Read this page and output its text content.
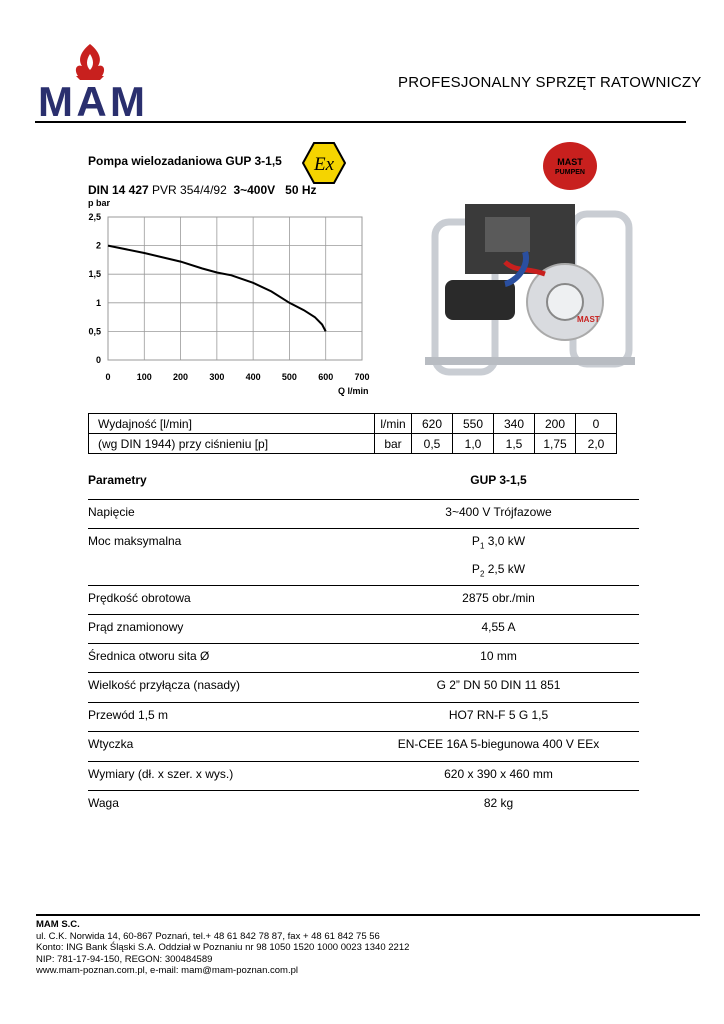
MAM	PROFESJONALNY SPRZĘT RATOWNICZY
Pompa wielozadaniowa GUP 3-1,5 Ex	MAST
PUMPEN
DIN 14 427 PVR 354/4/92 3~400V 50 Hz
0	100 200 300 400 500 600 700
0
0,5
1
1,5
2
2,5
p bar
Q l/min
MAST
Wydajność [l/min]	l/min	620	550	340	200	0
(wg DIN 1944) przy ciśnieniu [p]	bar	0,5	1,0	1,5	1,75	2,0
Parametry	GUP 3-1,5
Napięcie	3~400 V Trójfazowe
Moc maksymalna	$P_1$ 3,0 kW
$P_2$ 2,5 kW
Prędkość obrotowa	2875 obr./min
Prąd znamionowy	4,55 A
Średnica otworu sita Ø	10 mm
Wielkość przyłącza (nasady)	G 2” DN 50 DIN 11 851
Przewód 1,5 m	HO7 RN-F 5 G 1,5
Wtyczka	EN-CEE 16A 5-biegunowa 400 V EEx
Wymiary (dł. x szer. x wys.)	620 x 390 x 460 mm
Waga	82 kg
MAM S.C.
ul. C.K. Norwida 14, 60-867 Poznań, tel.+ 48 61 842 78 87, fax + 48 61 842 75 56
Konto: ING Bank Śląski S.A. Oddział w Poznaniu nr 98 1050 1520 1000 0023 1340 2212
NIP: 781-17-94-150, REGON: 300484589
www.mam-poznan.com.pl, e-mail: mam@mam-poznan.com.pl
